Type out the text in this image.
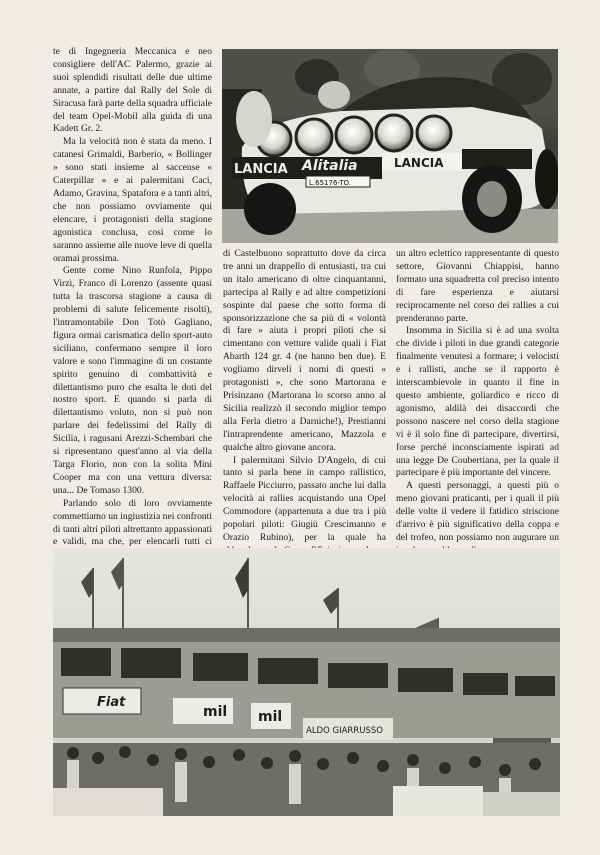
te di Ingegneria Meccanica e neo consigliere dell'AC Palermo, grazie ai suoi splendidi risultati delle due ultime annate, a partire dal Rally del Sole di Siracusa farà parte della squadra ufficiale del team Opel-Mobil alla guida di una Kadett Gr. 2.

Ma la velocità non è stata da meno. I catanesi Grimaldi, Barberio, « Bollinger » sono stati insieme al saccense « Caterpillar » e ai palermitani Caci, Adamo, Gravina, Spatafora e a tanti altri, che non possiamo ovviamente qui elencare, i protagonisti della stagione agonistica conclusa, così come lo saranno assieme alle nuove leve di quella oramai prossima.

Gente come Nino Runfola, Pippo Virzì, Franco di Lorenzo (assente quasi tutta la trascorsa stagione a causa di problemi di salute felicemente risolti), l'intramontabile Don Totò Gagliano, figura ormai carismatica dello sport-auto siciliano, confermano sempre il loro valore e sono l'immagine di un costante spirito genuino di combattività e dilettantismo puro che esalta le doti del nostro sport. E quando si parla di dilettantismo voluto, non si può non parlare dei fedelissimi del Rally di Sicilia, i ragusani Arezzi-Schembari che si ripresentano quest'anno al via della Targa Florio, non con la solita Mini Cooper ma con una vettura diversa: una... De Tomaso 1300.

Parlando solo di loro ovviamente commettiamo un ingiustizia nei confronti di tanti altri piloti altrettanto appassionati e validi, ma che, per elencarli tutti ci

LANCIA Alitalia	LANCIA
L.65176-TO.

di Castelbuono soprattutto dove da circa tre anni un drappello di entusiasti, tra cui un italo americano di oltre cinquantanni, partecipa al Rally e ad altre competizioni sospinte dal paese che sotto forma di sponsorizzazione che sa più di « volontà di fare » aiuta i propri piloti che si cimentano con vetture valide quali i Fiat Abarth 124 gr. 4 (ne hanno ben due). E vogliamo dirveli i nomi di questi « protagonisti », che sono Martorana e Prisinzano (Martorana lo scorso anno al Sicilia realizzò il secondo miglior tempo alla Ferla dietro a Darniche!), Prestianni l'intraprendente americano, Mazzola e qualche altro giovane ancora.

I palermitani Silvio D'Angelo, di cui tanto si parla bene in campo rallistico, Raffaele Picciurro, passato anche lui dalla velocità ai rallies acquistando una Opel Commodore (appartenuta a due tra i più popolari piloti: Giugiù Crescimanno e Orazio Rubino), per la quale ha

un altro eclettico rappresentante di questo settore, Giovanni Chiappisi, hanno formato una squadretta col preciso intento di fare esperienza e aiutarsi reciprocamente nel corso dei rallies a cui prenderanno parte.

Insomma in Sicilia si è ad una svolta che divide i piloti in due grandi categorie finalmente venutesi a formare; i velocisti e i rallisti, anche se il rapporto è interscambievole in quanto il fine in questo ambiente, goliardico e ricco di agonismo, aldilà dei disaccordi che possono nascere nel corso della stagione vi è il solo fine di partecipare, divertirsi, forse perché inconsciamente ispirati ad una legge De Coubertiana, per la quale il partecipare è più importante del vincere.

A questi personaggi, a questi più o meno giovani praticanti, per i quali il più delle volte il vedere il fatidico striscione d'arrivo è più significativo della coppa e del trofeo, non possiamo non augurare un

Fiat
mil mil
ALDO GIARRUSSO
